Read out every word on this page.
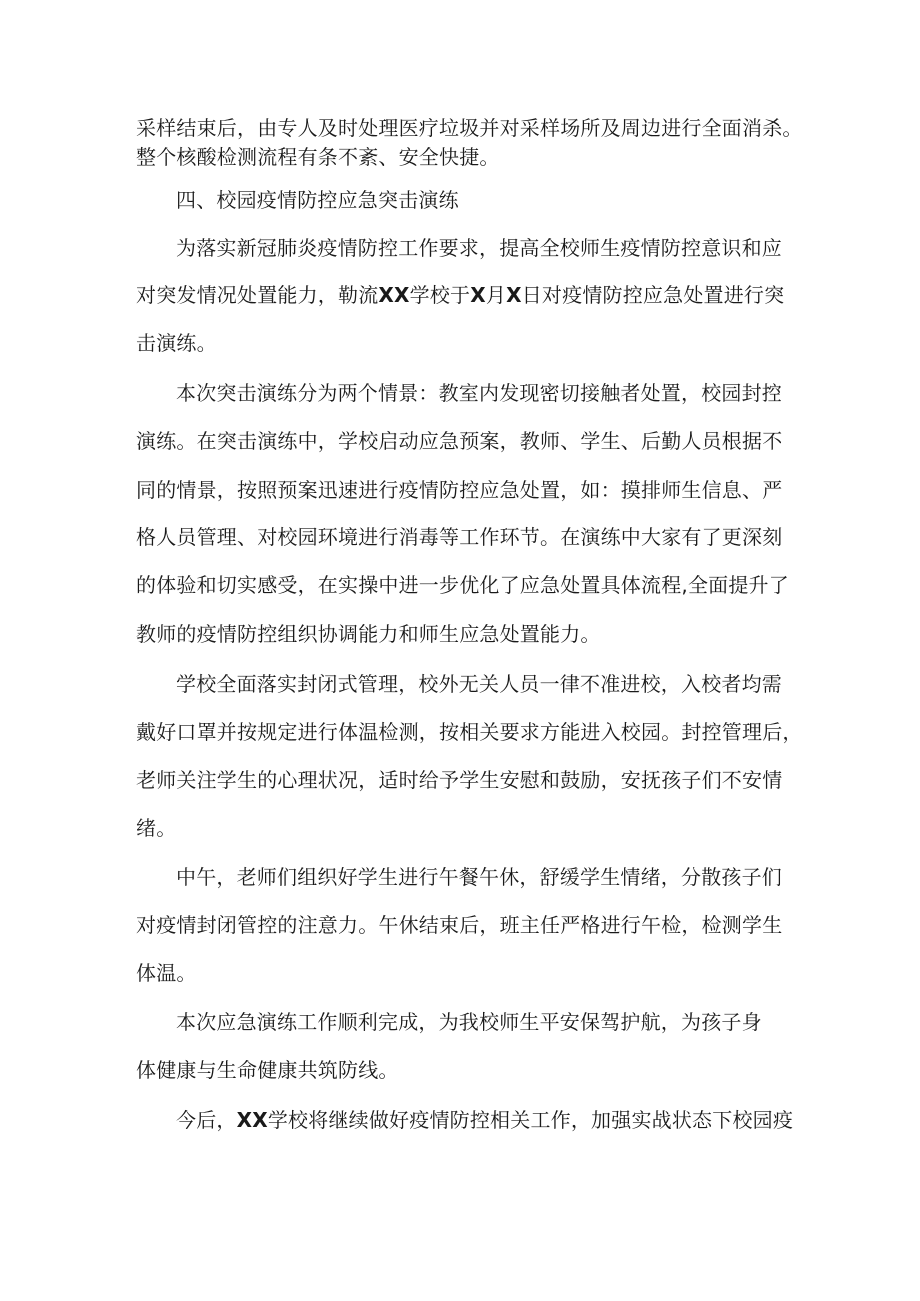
采样结束后，由专人及时处理医疗垃圾并对采样场所及周边进行全面消杀。
整个核酸检测流程有条不紊、安全快捷。
四、校园疫情防控应急突击演练
为落实新冠肺炎疫情防控工作要求，提高全校师生疫情防控意识和应
对突发情况处置能力，勒流XX学校于X月X日对疫情防控应急处置进行突
击演练。
本次突击演练分为两个情景：教室内发现密切接触者处置，校园封控
演练。在突击演练中，学校启动应急预案，教师、学生、后勤人员根据不
同的情景，按照预案迅速进行疫情防控应急处置，如：摸排师生信息、严
格人员管理、对校园环境进行消毒等工作环节。在演练中大家有了更深刻
的体验和切实感受，在实操中进一步优化了应急处置具体流程,全面提升了
教师的疫情防控组织协调能力和师生应急处置能力。
学校全面落实封闭式管理，校外无关人员一律不准进校，入校者均需
戴好口罩并按规定进行体温检测，按相关要求方能进入校园。封控管理后，
老师关注学生的心理状况，适时给予学生安慰和鼓励，安抚孩子们不安情
绪。
中午，老师们组织好学生进行午餐午休，舒缓学生情绪，分散孩子们
对疫情封闭管控的注意力。午休结束后，班主任严格进行午检，检测学生
体温。
本次应急演练工作顺利完成，为我校师生平安保驾护航，为孩子身
体健康与生命健康共筑防线。
今后，XX学校将继续做好疫情防控相关工作，加强实战状态下校园疫
